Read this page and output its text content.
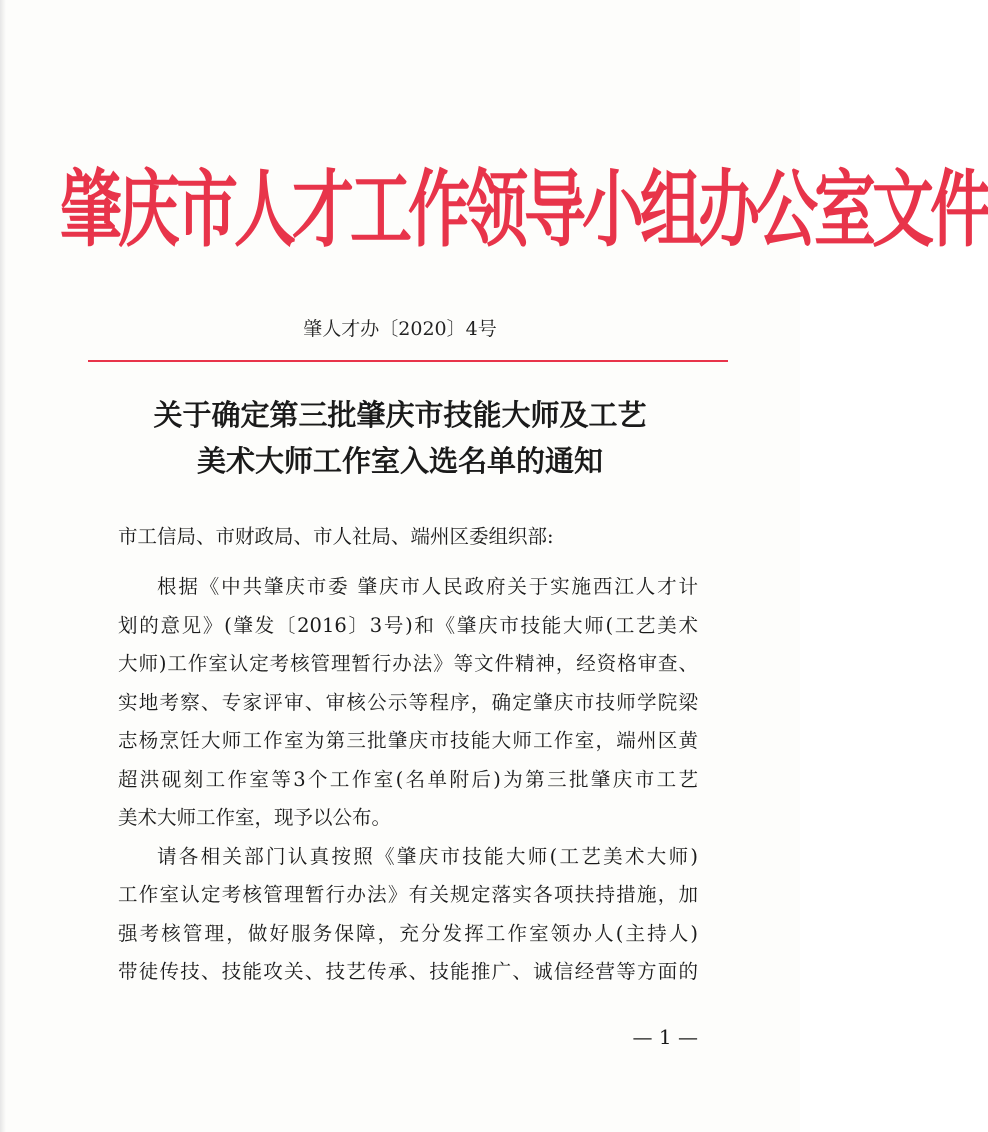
肇庆市人才工作领导小组办公室文件
肇人才办〔2020〕4号
关于确定第三批肇庆市技能大师及工艺
美术大师工作室入选名单的通知
市工信局、市财政局、市人社局、端州区委组织部:
根据《中共肇庆市委 肇庆市人民政府关于实施西江人才计
划的意见》(肇发〔2016〕3号)和《肇庆市技能大师(工艺美术
大师)工作室认定考核管理暂行办法》等文件精神，经资格审查、
实地考察、专家评审、审核公示等程序，确定肇庆市技师学院梁
志杨烹饪大师工作室为第三批肇庆市技能大师工作室，端州区黄
超洪砚刻工作室等3个工作室(名单附后)为第三批肇庆市工艺
美术大师工作室，现予以公布。
请各相关部门认真按照《肇庆市技能大师(工艺美术大师)
工作室认定考核管理暂行办法》有关规定落实各项扶持措施，加
强考核管理，做好服务保障，充分发挥工作室领办人(主持人)
带徒传技、技能攻关、技艺传承、技能推广、诚信经营等方面的
— 1 —
